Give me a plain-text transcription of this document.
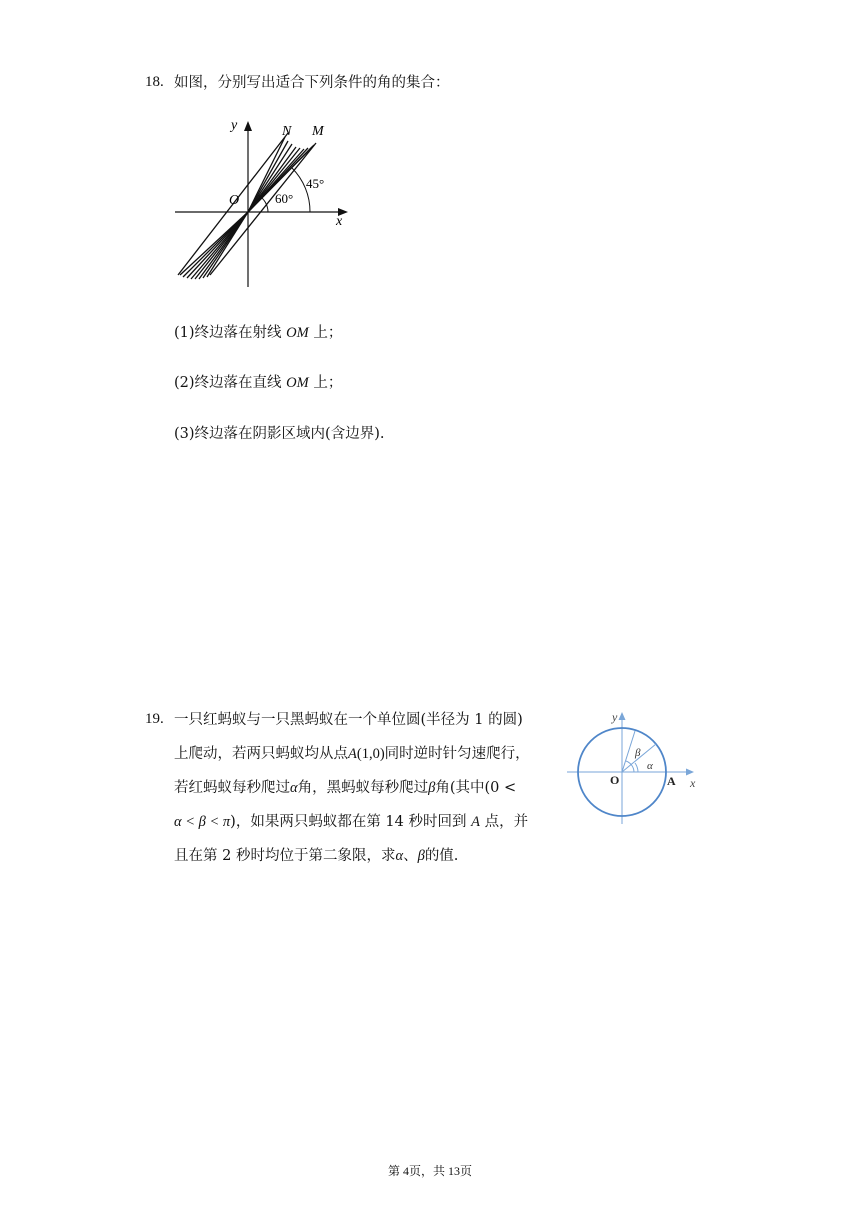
18. 如图，分别写出适合下列条件的角的集合：
y
x
O
N M
60°
45°
(1)终边落在射线 OM 上；
(2)终边落在直线 OM 上；
(3)终边落在阴影区域内(含边界).
19. 一只红蚂蚁与一只黑蚂蚁在一个单位圆(半径为 1 的圆)
上爬动，若两只蚂蚁均从点A(1,0)同时逆时针匀速爬行，
若红蚂蚁每秒爬过α角，黑蚂蚁每秒爬过β角(其中(0 <
α < β < π)，如果两只蚂蚁都在第 14 秒时回到 A 点，并
且在第 2 秒时均位于第二象限，求α、β的值.
y
x
O	A
α
β
第 4页，共 13页
